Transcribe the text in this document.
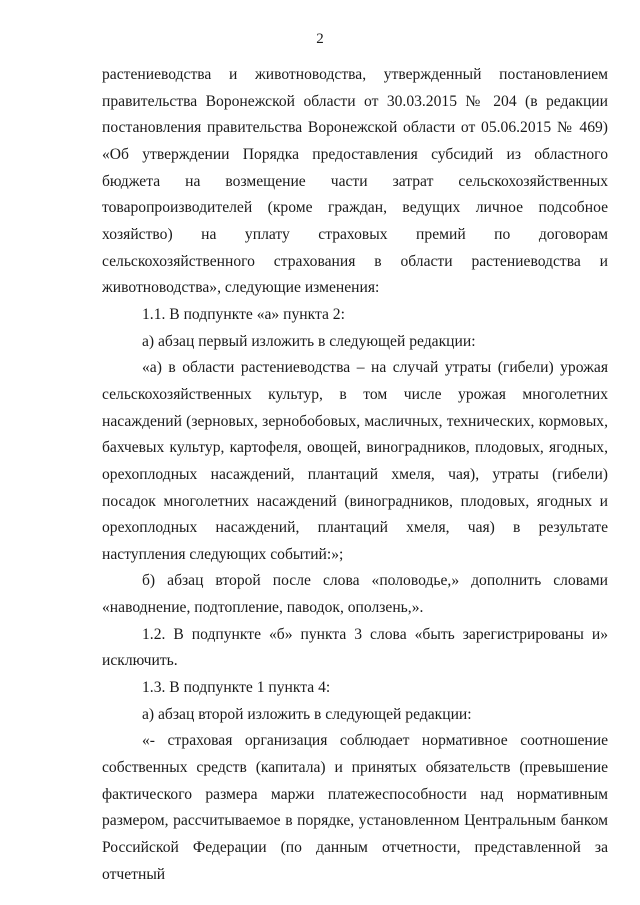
2

растениеводства и животноводства, утвержденный постановлением правительства Воронежской области от 30.03.2015 № 204 (в редакции постановления правительства Воронежской области от 05.06.2015 № 469) «Об утверждении Порядка предоставления субсидий из областного бюджета на возмещение части затрат сельскохозяйственных товаропроизводителей (кроме граждан, ведущих личное подсобное хозяйство) на уплату страховых премий по договорам сельскохозяйственного страхования в области растениеводства и животноводства», следующие изменения:

1.1. В подпункте «а» пункта 2:

а) абзац первый изложить в следующей редакции:

«а) в области растениеводства – на случай утраты (гибели) урожая сельскохозяйственных культур, в том числе урожая многолетних насаждений (зерновых, зернобобовых, масличных, технических, кормовых, бахчевых культур, картофеля, овощей, виноградников, плодовых, ягодных, орехоплодных насаждений, плантаций хмеля, чая), утраты (гибели) посадок многолетних насаждений (виноградников, плодовых, ягодных и орехоплодных насаждений, плантаций хмеля, чая) в результате наступления следующих событий:»;

б) абзац второй после слова «половодье,» дополнить словами «наводнение, подтопление, паводок, оползень,».

1.2. В подпункте «б» пункта 3 слова «быть зарегистрированы и» исключить.

1.3. В подпункте 1 пункта 4:

а) абзац второй изложить в следующей редакции:

«- страховая организация соблюдает нормативное соотношение собственных средств (капитала) и принятых обязательств (превышение фактического размера маржи платежеспособности над нормативным размером, рассчитываемое в порядке, установленном Центральным банком Российской Федерации (по данным отчетности, представленной за отчетный
